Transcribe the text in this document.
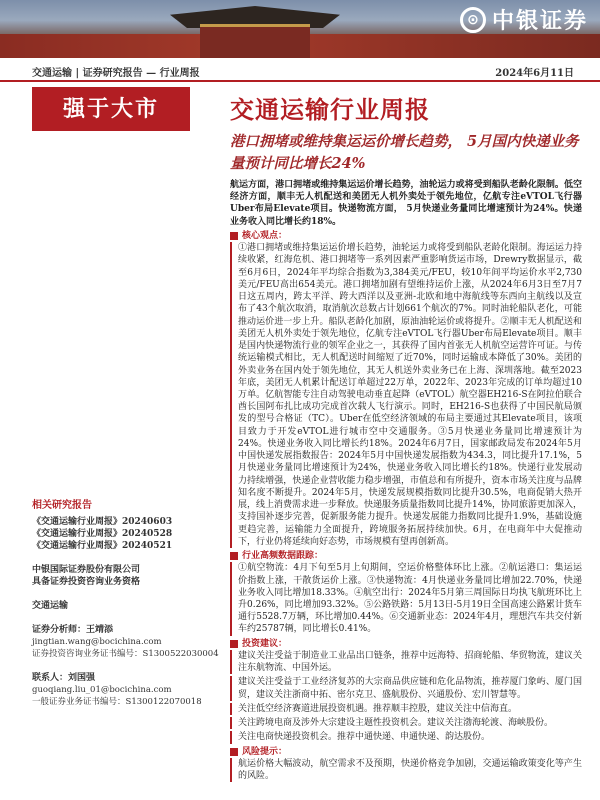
⊙ 中银证券
交通运输 | 证券研究报告 — 行业周报	2024年6月11日
强于大市	交通运输行业周报
港口拥堵或维持集运运价增长趋势， 5月国内快递业务量预计同比增长24%
相关研究报告
《交通运输行业周报》20240603
《交通运输行业周报》20240528
《交通运输行业周报》20240521
中银国际证券股份有限公司
具备证券投资咨询业务资格
交通运输
证券分析师：王靖添
jingtian.wang@bocichina.com
证券投资咨询业务证书编号：S1300522030004
联系人：刘国强
guoqiang.liu_01@bocichina.com
一般证券业务证书编号：S1300122070018

航运方面，港口拥堵或维持集运运价增长趋势，油轮运力或将受到船队老龄化限制。低空经济方面，顺丰无人机配送和美团无人机外卖处于领先地位，亿航专注eVTOL飞行器Uber布局Elevate项目。快递物流方面， 5月快递业务量同比增速预计为24%。快递业务收入同比增长约18%。

核心观点：

①港口拥堵或维持集运运价增长趋势，油轮运力或将受到船队老龄化限制。海运运力持续收紧，红海危机、港口拥堵等一系列因素严重影响货运市场，Drewry数据显示，截至6月6日，2024年平均综合指数为3,384美元/FEU，较10年间平均运价水平2,730美元/FEU高出654美元。港口拥堵加剧有望维持运价上涨，从2024年6月3日至7月7日这五周内，跨太平洋、跨大西洋以及亚洲-北欧和地中海航线等东西向主航线以及宣布了43个航次取消，取消航次总数占计划661个航次的7%。同时油轮船队老化，可能推动运价进一步上升。船队老龄化加剧，原油油轮运价或将提升。②顺丰无人机配送和美团无人机外卖处于领先地位，亿航专注eVTOL飞行器Uber布局Elevate项目。顺丰是国内快递物流行业的领军企业之一，其获得了国内首张无人机航空运营许可证。与传统运输模式相比，无人机配送时间缩短了近70%，同时运输成本降低了30%。美团的外卖业务在国内处于领先地位，其无人机送外卖业务已在上海、深圳落地。截至2023年底，美团无人机累计配送订单超过22万单，2022年、2023年完成的订单均超过10万单。亿航智能专注自动驾驶电动垂直起降（eVTOL）航空器EH216-S在阿拉伯联合酋长国阿布扎比成功完成首次载人飞行演示。同时，EH216-S也获得了中国民航局颁发的型号合格证（TC）。Uber在低空经济领域的布局主要通过其Elevate项目，该项目致力于开发eVTOL进行城市空中交通服务。③5月快递业务量同比增速预计为24%。快递业务收入同比增长约18%。2024年6月7日，国家邮政局发布2024年5月中国快递发展指数报告：2024年5月中国快递发展指数为434.3，同比提升17.1%，5月快递业务量同比增速预计为24%，快递业务收入同比增长约18%。快递行业发展动力持续增强，快递企业营收能力稳步增强，市值总和有所提升，资本市场关注度与品牌知名度不断提升。2024年5月，快递发展规模指数同比提升30.5%，电商促销大热开展，线上消费需求进一步释放。快递服务质量指数同比提升14%，协同旅游更加深入，支持国补逐步完善，促新服务能力提升。快递发展能力指数同比提升1.9%，基础设施更趋完善，运输能力全面提升，跨境服务拓展持续加快。6月，在电商年中大促推动下，行业仍将延续向好态势，市场规模有望再创新高。

行业高频数据跟踪：

①航空物流：4月下旬至5月上旬期间，空运价格整体环比上涨。②航运港口：集运运价指数上涨，干散货运价上涨。③快递物流：4月快递业务量同比增加22.70%，快递业务收入同比增加18.33%。④航空出行：2024年5月第三周国际日均执飞航班环比上升0.26%，同比增加93.32%。⑤公路铁路：5月13日-5月19日全国高速公路累计货车通行5528.7万辆，环比增加0.44%。⑥交通新业态：2024年4月，理想汽车共交付新车约25787辆，同比增长0.41%。

投资建议：

建议关注受益于制造业工业品出口链条，推荐中远海特、招商轮船、华贸物流，建议关注东航物流、中国外运。

建议关注受益于工业经济复苏的大宗商品供应链和危化品物流，推荐厦门象屿、厦门国贸，建议关注浙商中拓、密尔克卫、盛航股份、兴通股份、宏川智慧等。

关注低空经济赛道进展投资机遇。推荐顺丰控股，建议关注中信海直。

关注跨境电商及涉外大宗建设主题性投资机会。建议关注渤海轮渡、海峡股份。

关注电商快递投资机会。推荐中通快递、申通快递、韵达股份。

风险提示：

航运价格大幅波动，航空需求不及预期，快递价格竞争加剧，交通运输政策变化等产生的风险。
